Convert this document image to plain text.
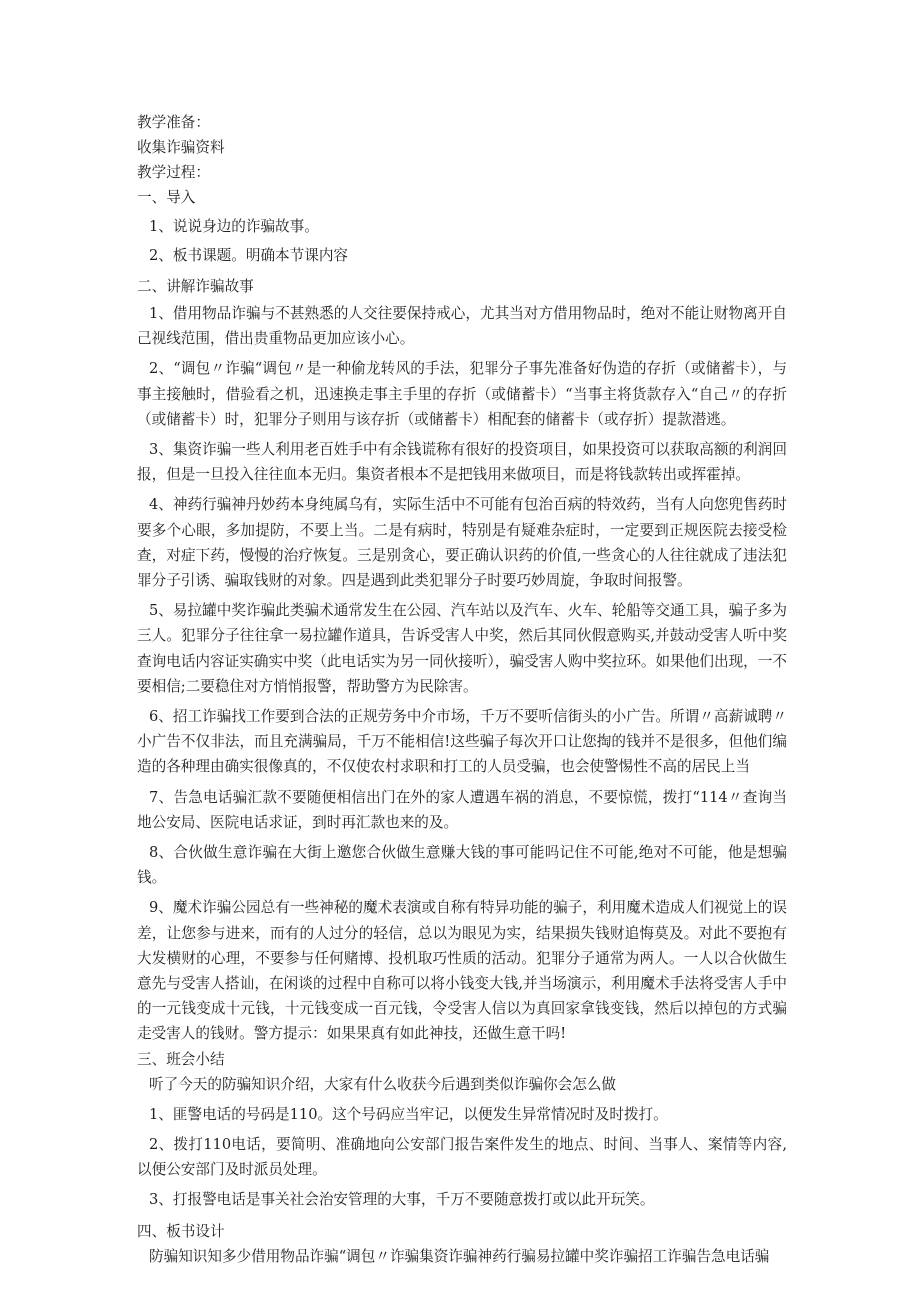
教学准备：

收集诈骗资料

教学过程：

一、导入

1、说说身边的诈骗故事。

2、板书课题。明确本节课内容

二、讲解诈骗故事

1、借用物品诈骗与不甚熟悉的人交往要保持戒心，尤其当对方借用物品时，绝对不能让财物离开自己视线范围，借出贵重物品更加应该小心。

2、“调包〃诈骗“调包〃是一种偷龙转风的手法，犯罪分子事先准备好伪造的存折（或储蓄卡），与事主接触时，借验看之机，迅速换走事主手里的存折（或储蓄卡）“当事主将货款存入“自己〃的存折（或储蓄卡）时，犯罪分子则用与该存折（或储蓄卡）相配套的储蓄卡（或存折）提款潜逃。

3、集资诈骗一些人利用老百姓手中有余钱谎称有很好的投资项目，如果投资可以获取高额的利润回报，但是一旦投入往往血本无归。集资者根本不是把钱用来做项目，而是将钱款转出或挥霍掉。

4、神药行骗神丹妙药本身纯属乌有，实际生活中不可能有包治百病的特效药，当有人向您兜售药时要多个心眼，多加提防，不要上当。二是有病时，特别是有疑难杂症时，一定要到正规医院去接受检查，对症下药，慢慢的治疗恢复。三是别贪心，要正确认识药的价值,一些贪心的人往往就成了违法犯罪分子引诱、骗取钱财的对象。四是遇到此类犯罪分子时要巧妙周旋，争取时间报警。

5、易拉罐中奖诈骗此类骗术通常发生在公园、汽车站以及汽车、火车、轮船等交通工具，骗子多为三人。犯罪分子往往拿一易拉罐作道具，告诉受害人中奖，然后其同伙假意购买,并鼓动受害人听中奖查询电话内容证实确实中奖（此电话实为另一同伙接听），骗受害人购中奖拉环。如果他们出现，一不要相信;二要稳住对方悄悄报警，帮助警方为民除害。

6、招工诈骗找工作要到合法的正规劳务中介市场，千万不要听信街头的小广告。所谓〃高薪诚聘〃小广告不仅非法，而且充满骗局，千万不能相信!这些骗子每次开口让您掏的钱并不是很多，但他们编造的各种理由确实很像真的，不仅使农村求职和打工的人员受骗，也会使警惕性不高的居民上当

7、告急电话骗汇款不要随便相信出门在外的家人遭遇车祸的消息，不要惊慌，拨打“114〃查询当地公安局、医院电话求证，到时再汇款也来的及。

8、合伙做生意诈骗在大街上邀您合伙做生意赚大钱的事可能吗记住不可能,绝对不可能，他是想骗钱。

9、魔术诈骗公园总有一些神秘的魔术表演或自称有特异功能的骗子，利用魔术造成人们视觉上的误差，让您参与进来，而有的人过分的轻信，总以为眼见为实，结果损失钱财追悔莫及。对此不要抱有大发横财的心理，不要参与任何赌博、投机取巧性质的活动。犯罪分子通常为两人。一人以合伙做生意先与受害人搭讪，在闲谈的过程中自称可以将小钱变大钱,并当场演示，利用魔术手法将受害人手中的一元钱变成十元钱，十元钱变成一百元钱，令受害人信以为真回家拿钱变钱，然后以掉包的方式骗走受害人的钱财。警方提示：如果果真有如此神技，还做生意干吗!

三、班会小结

听了今天的防骗知识介绍，大家有什么收获今后遇到类似诈骗你会怎么做

1、匪警电话的号码是110。这个号码应当牢记，以便发生异常情况时及时拨打。

2、拨打110电话，要简明、准确地向公安部门报告案件发生的地点、时间、当事人、案情等内容,以便公安部门及时派员处理。

3、打报警电话是事关社会治安管理的大事，千万不要随意拨打或以此开玩笑。

四、板书设计

防骗知识知多少借用物品诈骗“调包〃诈骗集资诈骗神药行骗易拉罐中奖诈骗招工诈骗告急电话骗
